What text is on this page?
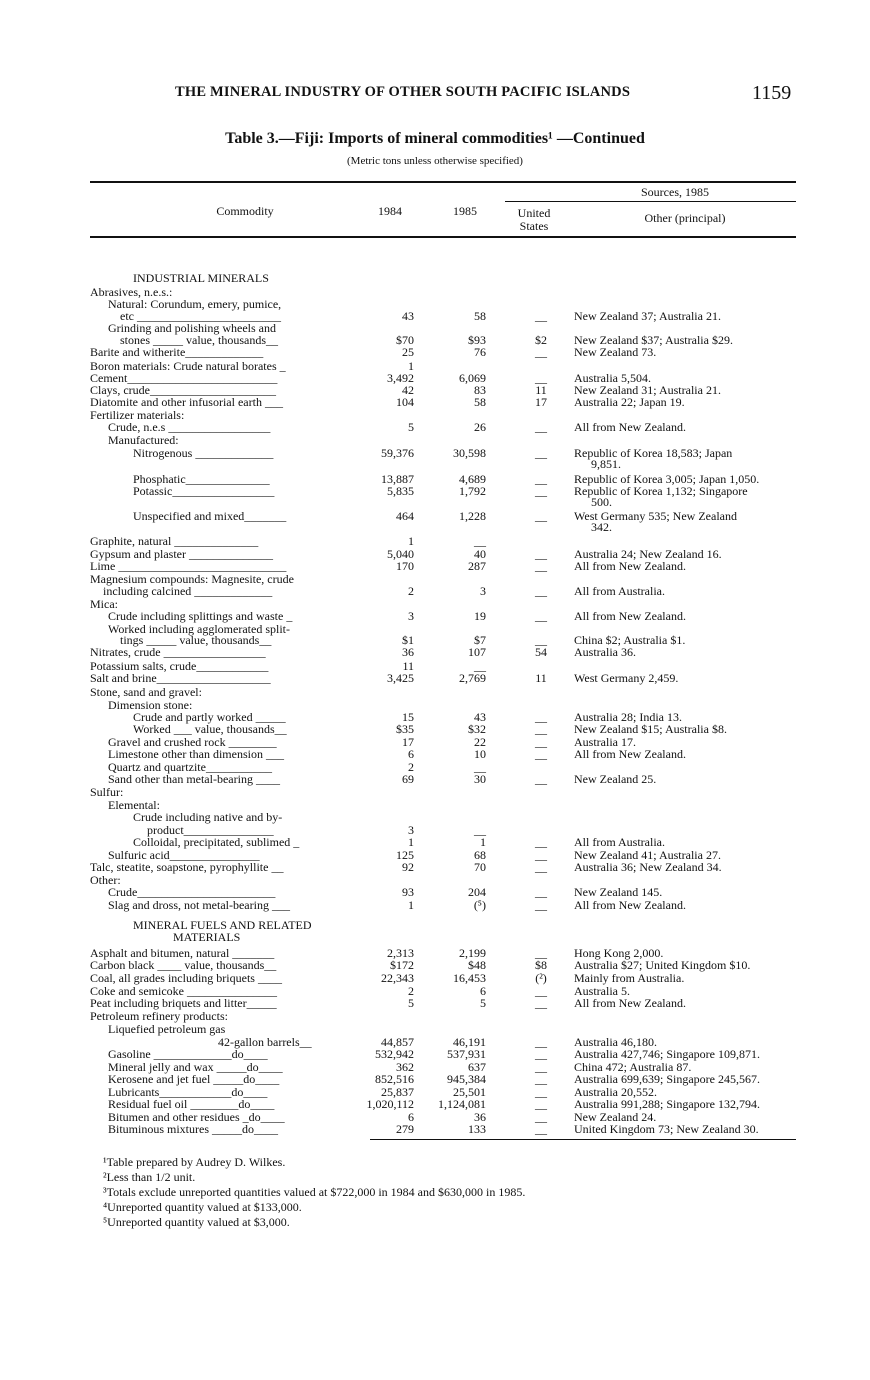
THE MINERAL INDUSTRY OF OTHER SOUTH PACIFIC ISLANDS	1159
Table 3.—Fiji: Imports of mineral commodities¹ —Continued
(Metric tons unless otherwise specified)
Commodity	1984	1985
Sources, 1985
United
States
Other (principal)
INDUSTRIAL MINERALS
Abrasives, n.e.s.:
Natural: Corundum, emery, pumice,
etc ________________________	43	58	__	New Zealand 37; Australia 21.
Grinding and polishing wheels and
stones _____ value, thousands__	$70	$93	$2	New Zealand $37; Australia $29.
Barite and witherite_____________	25	76	__	New Zealand 73.
Boron materials: Crude natural borates _	1
Cement_________________________	3,492	6,069	__	Australia 5,504.
Clays, crude_____________________	42	83	11	New Zealand 31; Australia 21.
Diatomite and other infusorial earth ___	104	58	17	Australia 22; Japan 19.
Fertilizer materials:
Crude, n.e.s _________________	5	26	__	All from New Zealand.
Manufactured:
Nitrogenous _____________	59,376	30,598	__	Republic of Korea 18,583; Japan
9,851.
Phosphatic______________	13,887	4,689	__	Republic of Korea 3,005; Japan 1,050.
Potassic_________________	5,835	1,792	__	Republic of Korea 1,132; Singapore
500.
Unspecified and mixed_______	464	1,228	__	West Germany 535; New Zealand
342.
Graphite, natural ______________	1	__
Gypsum and plaster ______________	5,040	40	__	Australia 24; New Zealand 16.
Lime ____________________________	170	287	__	All from New Zealand.
Magnesium compounds: Magnesite, crude
including calcined _____________	2	3	__	All from Australia.
Mica:
Crude including splittings and waste _	3	19	__	All from New Zealand.
Worked including agglomerated split-
tings _____ value, thousands__	$1	$7	__	China $2; Australia $1.
Nitrates, crude _________________	36	107	54	Australia 36.
Potassium salts, crude____________	11	__
Salt and brine___________________	3,425	2,769	11	West Germany 2,459.
Stone, sand and gravel:
Dimension stone:
Crude and partly worked _____	15	43	__	Australia 28; India 13.
Worked ___ value, thousands__	$35	$32	__	New Zealand $15; Australia $8.
Gravel and crushed rock ________	17	22	__	Australia 17.
Limestone other than dimension ___	6	10	__	All from New Zealand.
Quartz and quartzite___________	2	__
Sand other than metal-bearing ____	69	30	__	New Zealand 25.
Sulfur:
Elemental:
Crude including native and by-
product_______________	3	__
Colloidal, precipitated, sublimed _	1	1	__	All from Australia.
Sulfuric acid_______________	125	68	__	New Zealand 41; Australia 27.
Talc, steatite, soapstone, pyrophyllite __	92	70	__	Australia 36; New Zealand 34.
Other:
Crude_______________________	93	204	__	New Zealand 145.
Slag and dross, not metal-bearing ___	1	(⁵)	__	All from New Zealand.
MINERAL FUELS AND RELATED
MATERIALS
Asphalt and bitumen, natural _______	2,313	2,199	__	Hong Kong 2,000.
Carbon black ____ value, thousands__	$172	$48	$8	Australia $27; United Kingdom $10.
Coal, all grades including briquets ____	22,343	16,453	(²)	Mainly from Australia.
Coke and semicoke _______________	2	6	__	Australia 5.
Peat including briquets and litter_____	5	5	__	All from New Zealand.
Petroleum refinery products:
Liquefied petroleum gas
42-gallon barrels__	44,857	46,191	__	Australia 46,180.
Gasoline _____________do____	532,942	537,931	__	Australia 427,746; Singapore 109,871.
Mineral jelly and wax _____do____	362	637	__	China 472; Australia 87.
Kerosene and jet fuel _____do____	852,516	945,384	__	Australia 699,639; Singapore 245,567.
Lubricants____________do____	25,837	25,501	__	Australia 20,552.
Residual fuel oil ________do____	1,020,112	1,124,081	__	Australia 991,288; Singapore 132,794.
Bitumen and other residues _do____	6	36	__	New Zealand 24.
Bituminous mixtures _____do____	279	133	__	United Kingdom 73; New Zealand 30.
¹Table prepared by Audrey D. Wilkes.
²Less than 1/2 unit.
³Totals exclude unreported quantities valued at $722,000 in 1984 and $630,000 in 1985.
⁴Unreported quantity valued at $133,000.
⁵Unreported quantity valued at $3,000.
